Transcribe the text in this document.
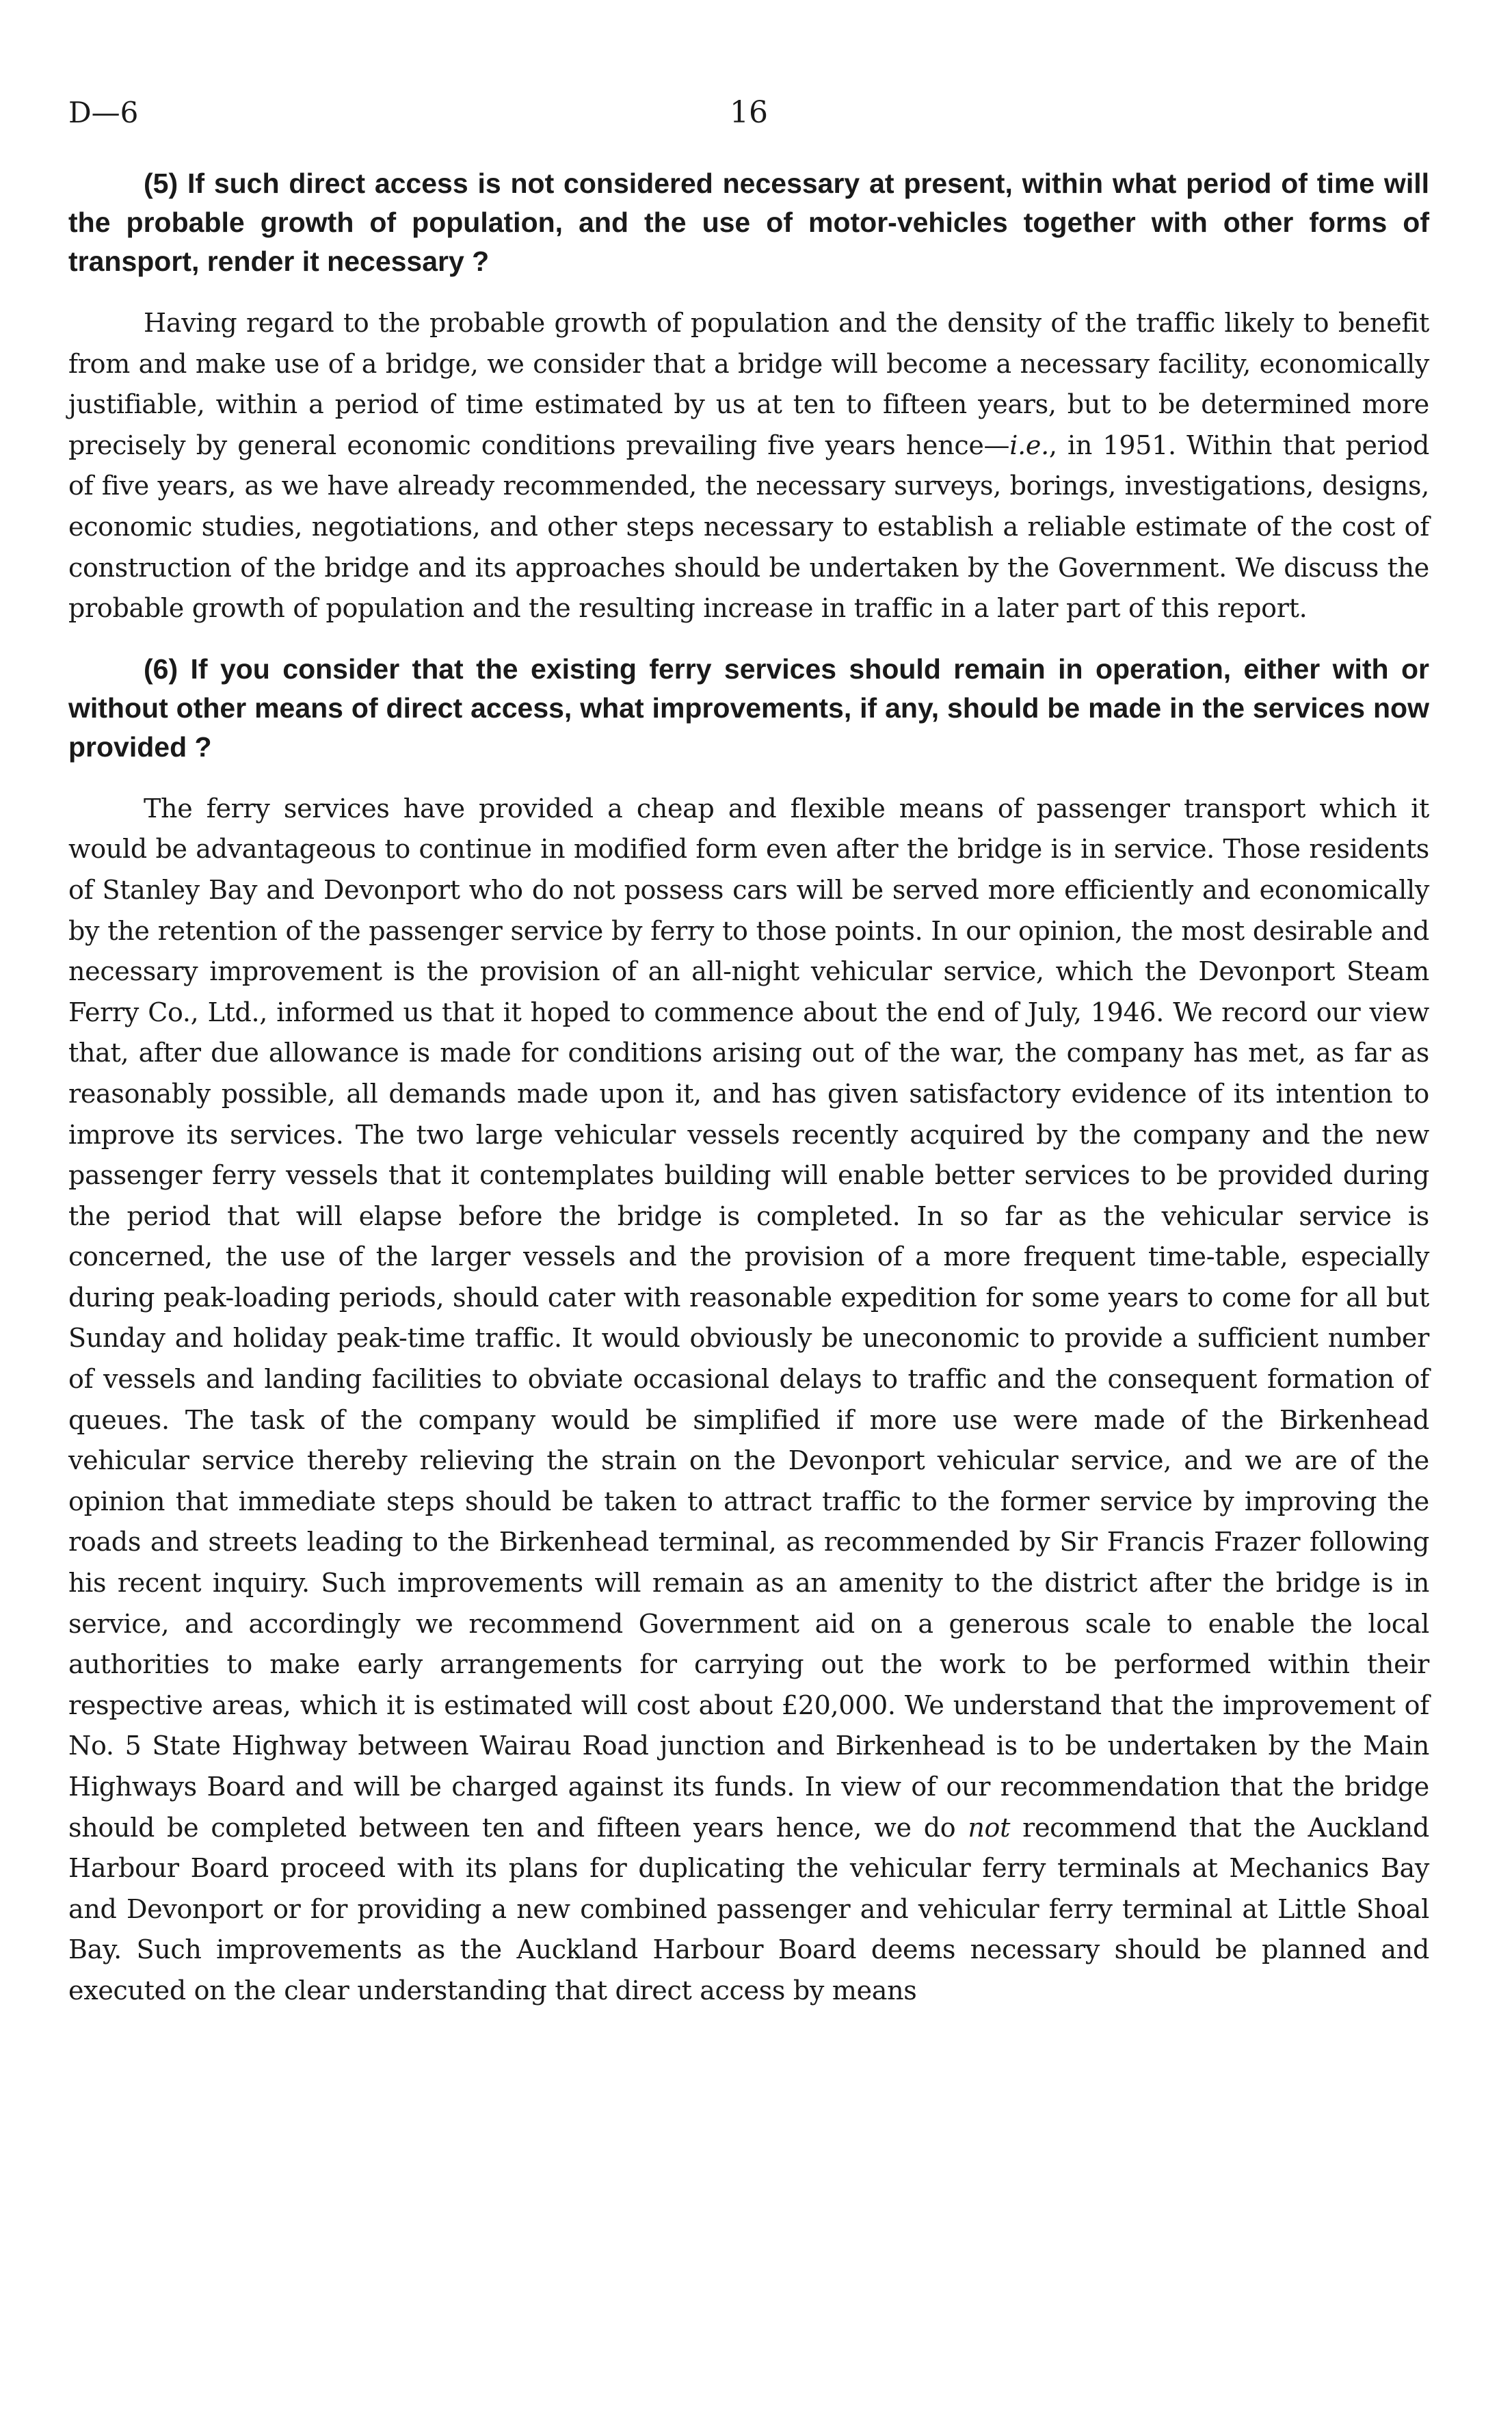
D—6	16

(5) If such direct access is not considered necessary at present, within what period of time will the probable growth of population, and the use of motor-vehicles together with other forms of transport, render it necessary ?

Having regard to the probable growth of population and the density of the traffic likely to benefit from and make use of a bridge, we consider that a bridge will become a necessary facility, economically justifiable, within a period of time estimated by us at ten to fifteen years, but to be determined more precisely by general economic conditions prevailing five years hence—i.e., in 1951. Within that period of five years, as we have already recommended, the necessary surveys, borings, investigations, designs, economic studies, negotiations, and other steps necessary to establish a reliable estimate of the cost of construction of the bridge and its approaches should be undertaken by the Government. We discuss the probable growth of population and the resulting increase in traffic in a later part of this report.

(6) If you consider that the existing ferry services should remain in operation, either with or without other means of direct access, what improvements, if any, should be made in the services now provided ?

The ferry services have provided a cheap and flexible means of passenger transport which it would be advantageous to continue in modified form even after the bridge is in service. Those residents of Stanley Bay and Devonport who do not possess cars will be served more efficiently and economically by the retention of the passenger service by ferry to those points. In our opinion, the most desirable and necessary improvement is the provision of an all-night vehicular service, which the Devonport Steam Ferry Co., Ltd., informed us that it hoped to commence about the end of July, 1946. We record our view that, after due allowance is made for conditions arising out of the war, the company has met, as far as reasonably possible, all demands made upon it, and has given satisfactory evidence of its intention to improve its services. The two large vehicular vessels recently acquired by the company and the new passenger ferry vessels that it contemplates building will enable better services to be provided during the period that will elapse before the bridge is completed. In so far as the vehicular service is concerned, the use of the larger vessels and the provision of a more frequent time-table, especially during peak-loading periods, should cater with reasonable expedition for some years to come for all but Sunday and holiday peak-time traffic. It would obviously be uneconomic to provide a sufficient number of vessels and landing facilities to obviate occasional delays to traffic and the consequent formation of queues. The task of the company would be simplified if more use were made of the Birkenhead vehicular service thereby relieving the strain on the Devonport vehicular service, and we are of the opinion that immediate steps should be taken to attract traffic to the former service by improving the roads and streets leading to the Birkenhead terminal, as recommended by Sir Francis Frazer following his recent inquiry. Such improvements will remain as an amenity to the district after the bridge is in service, and accordingly we recommend Government aid on a generous scale to enable the local authorities to make early arrangements for carrying out the work to be performed within their respective areas, which it is estimated will cost about £20,000. We understand that the improvement of No. 5 State Highway between Wairau Road junction and Birkenhead is to be undertaken by the Main Highways Board and will be charged against its funds. In view of our recommendation that the bridge should be completed between ten and fifteen years hence, we do not recommend that the Auckland Harbour Board proceed with its plans for duplicating the vehicular ferry terminals at Mechanics Bay and Devonport or for providing a new combined passenger and vehicular ferry terminal at Little Shoal Bay. Such improvements as the Auckland Harbour Board deems necessary should be planned and executed on the clear understanding that direct access by means
